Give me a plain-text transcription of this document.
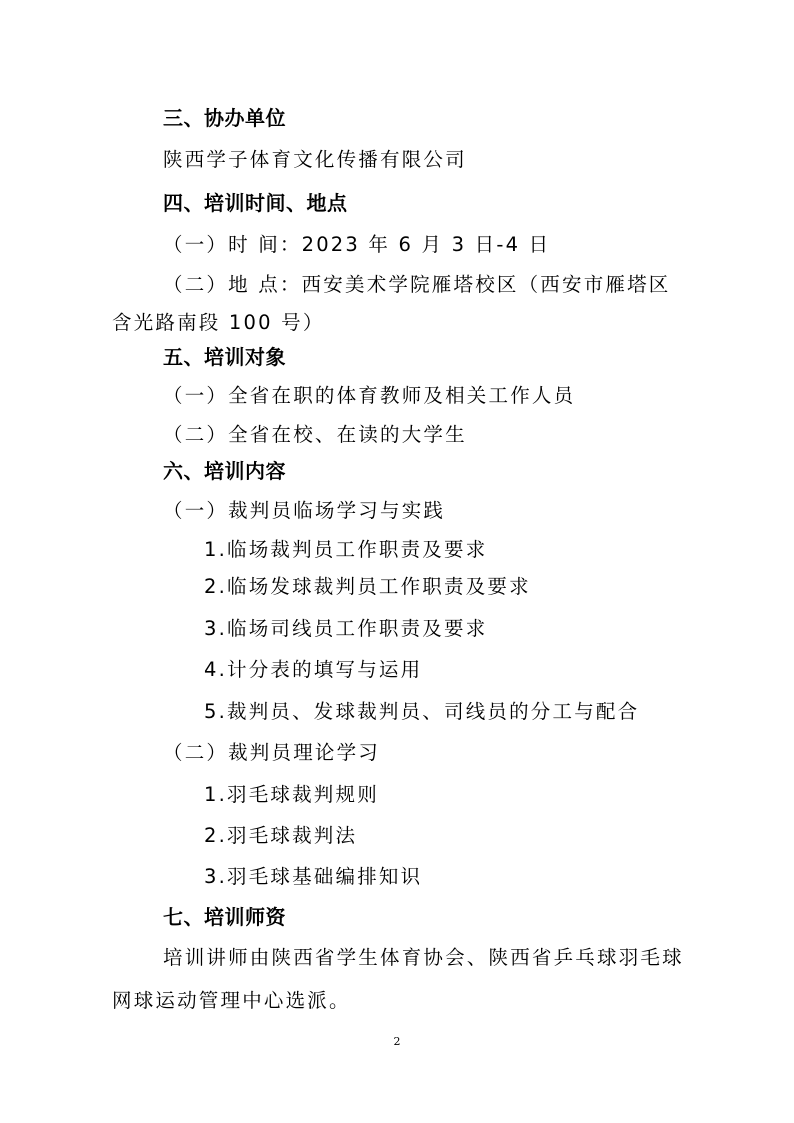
三、协办单位
陕西学子体育文化传播有限公司
四、培训时间、地点
（一）时 间：2023 年 6 月 3 日-4 日
（二）地 点：西安美术学院雁塔校区（西安市雁塔区
含光路南段 100 号）
五、培训对象
（一）全省在职的体育教师及相关工作人员
（二）全省在校、在读的大学生
六、培训内容
（一）裁判员临场学习与实践
1.临场裁判员工作职责及要求
2.临场发球裁判员工作职责及要求
3.临场司线员工作职责及要求
4.计分表的填写与运用
5.裁判员、发球裁判员、司线员的分工与配合
（二）裁判员理论学习
1.羽毛球裁判规则
2.羽毛球裁判法
3.羽毛球基础编排知识
七、培训师资
培训讲师由陕西省学生体育协会、陕西省乒乓球羽毛球
网球运动管理中心选派。
2
